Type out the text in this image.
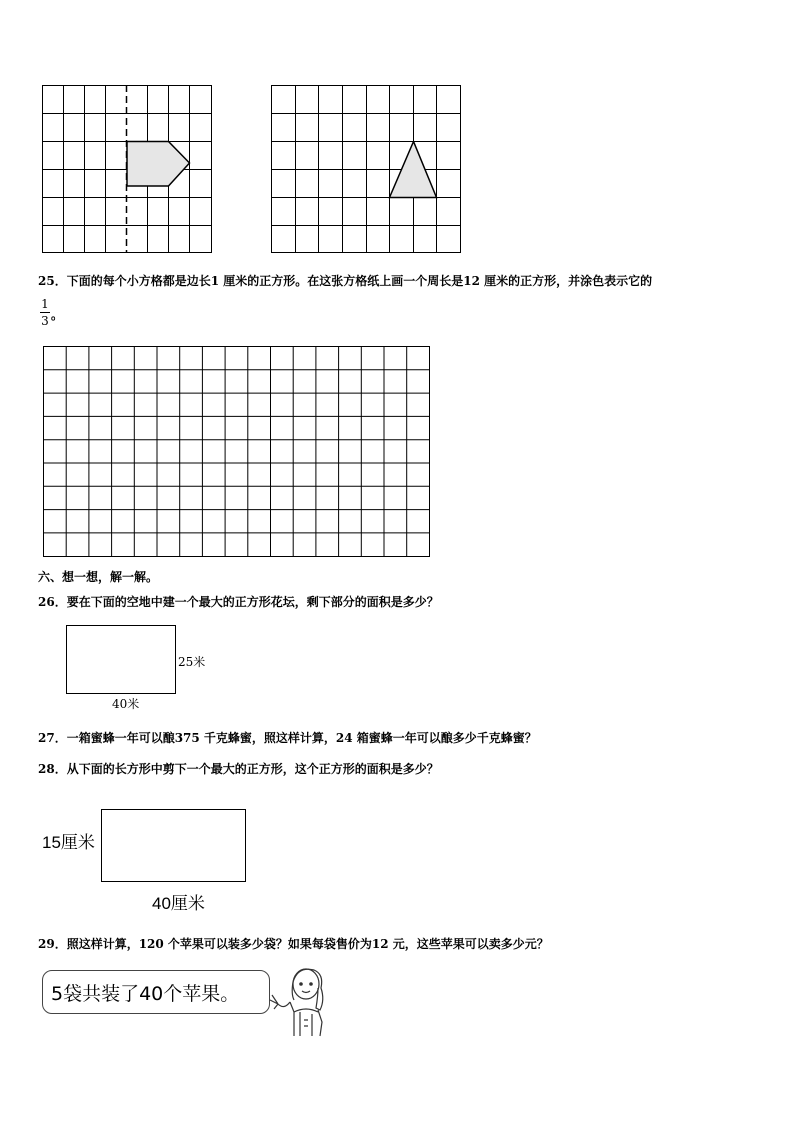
25．下面的每个小方格都是边长1 厘米的正方形。在这张方格纸上画一个周长是12 厘米的正方形，并涂色表示它的
1
3 。
六、想一想，解一解。
26．要在下面的空地中建一个最大的正方形花坛，剩下部分的面积是多少？
25米
40米
27．一箱蜜蜂一年可以酿375 千克蜂蜜，照这样计算，24 箱蜜蜂一年可以酿多少千克蜂蜜？
28．从下面的长方形中剪下一个最大的正方形，这个正方形的面积是多少？
15厘米
40厘米
29．照这样计算，120 个苹果可以装多少袋？如果每袋售价为12 元，这些苹果可以卖多少元？
5袋共装了40个苹果。
